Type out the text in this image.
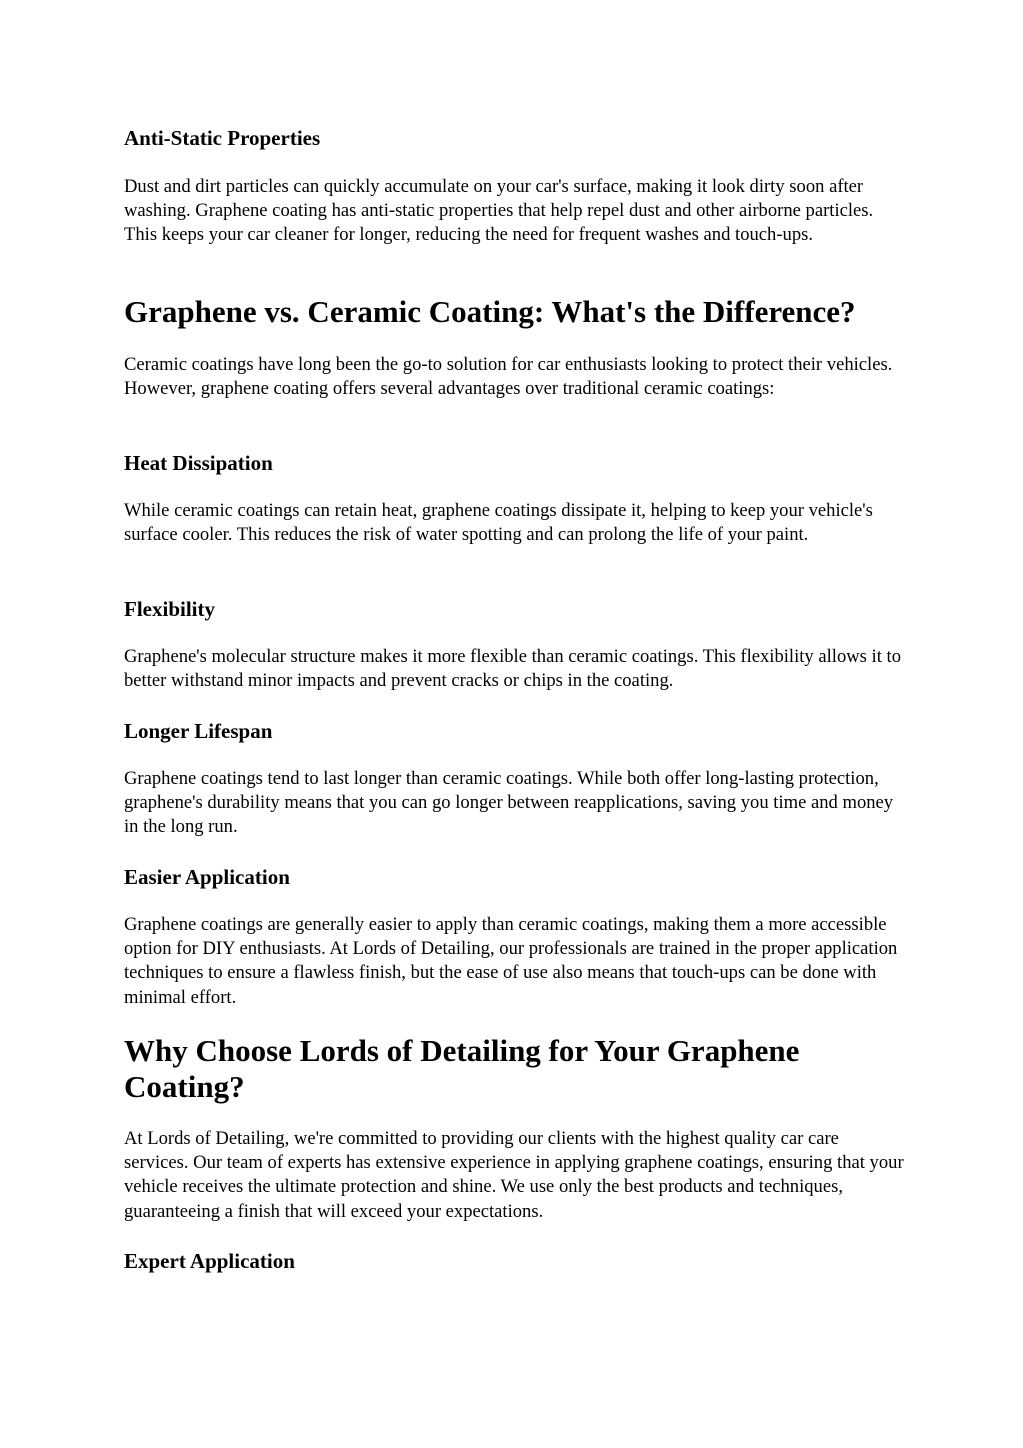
Anti-Static Properties

Dust and dirt particles can quickly accumulate on your car's surface, making it look dirty soon after washing. Graphene coating has anti-static properties that help repel dust and other airborne particles. This keeps your car cleaner for longer, reducing the need for frequent washes and touch-ups.

Graphene vs. Ceramic Coating: What's the Difference?

Ceramic coatings have long been the go-to solution for car enthusiasts looking to protect their vehicles. However, graphene coating offers several advantages over traditional ceramic coatings:

Heat Dissipation

While ceramic coatings can retain heat, graphene coatings dissipate it, helping to keep your vehicle's surface cooler. This reduces the risk of water spotting and can prolong the life of your paint.

Flexibility

Graphene's molecular structure makes it more flexible than ceramic coatings. This flexibility allows it to better withstand minor impacts and prevent cracks or chips in the coating.

Longer Lifespan

Graphene coatings tend to last longer than ceramic coatings. While both offer long-lasting protection, graphene's durability means that you can go longer between reapplications, saving you time and money in the long run.

Easier Application

Graphene coatings are generally easier to apply than ceramic coatings, making them a more accessible option for DIY enthusiasts. At Lords of Detailing, our professionals are trained in the proper application techniques to ensure a flawless finish, but the ease of use also means that touch-ups can be done with minimal effort.

Why Choose Lords of Detailing for Your Graphene Coating?

At Lords of Detailing, we're committed to providing our clients with the highest quality car care services. Our team of experts has extensive experience in applying graphene coatings, ensuring that your vehicle receives the ultimate protection and shine. We use only the best products and techniques, guaranteeing a finish that will exceed your expectations.

Expert Application
